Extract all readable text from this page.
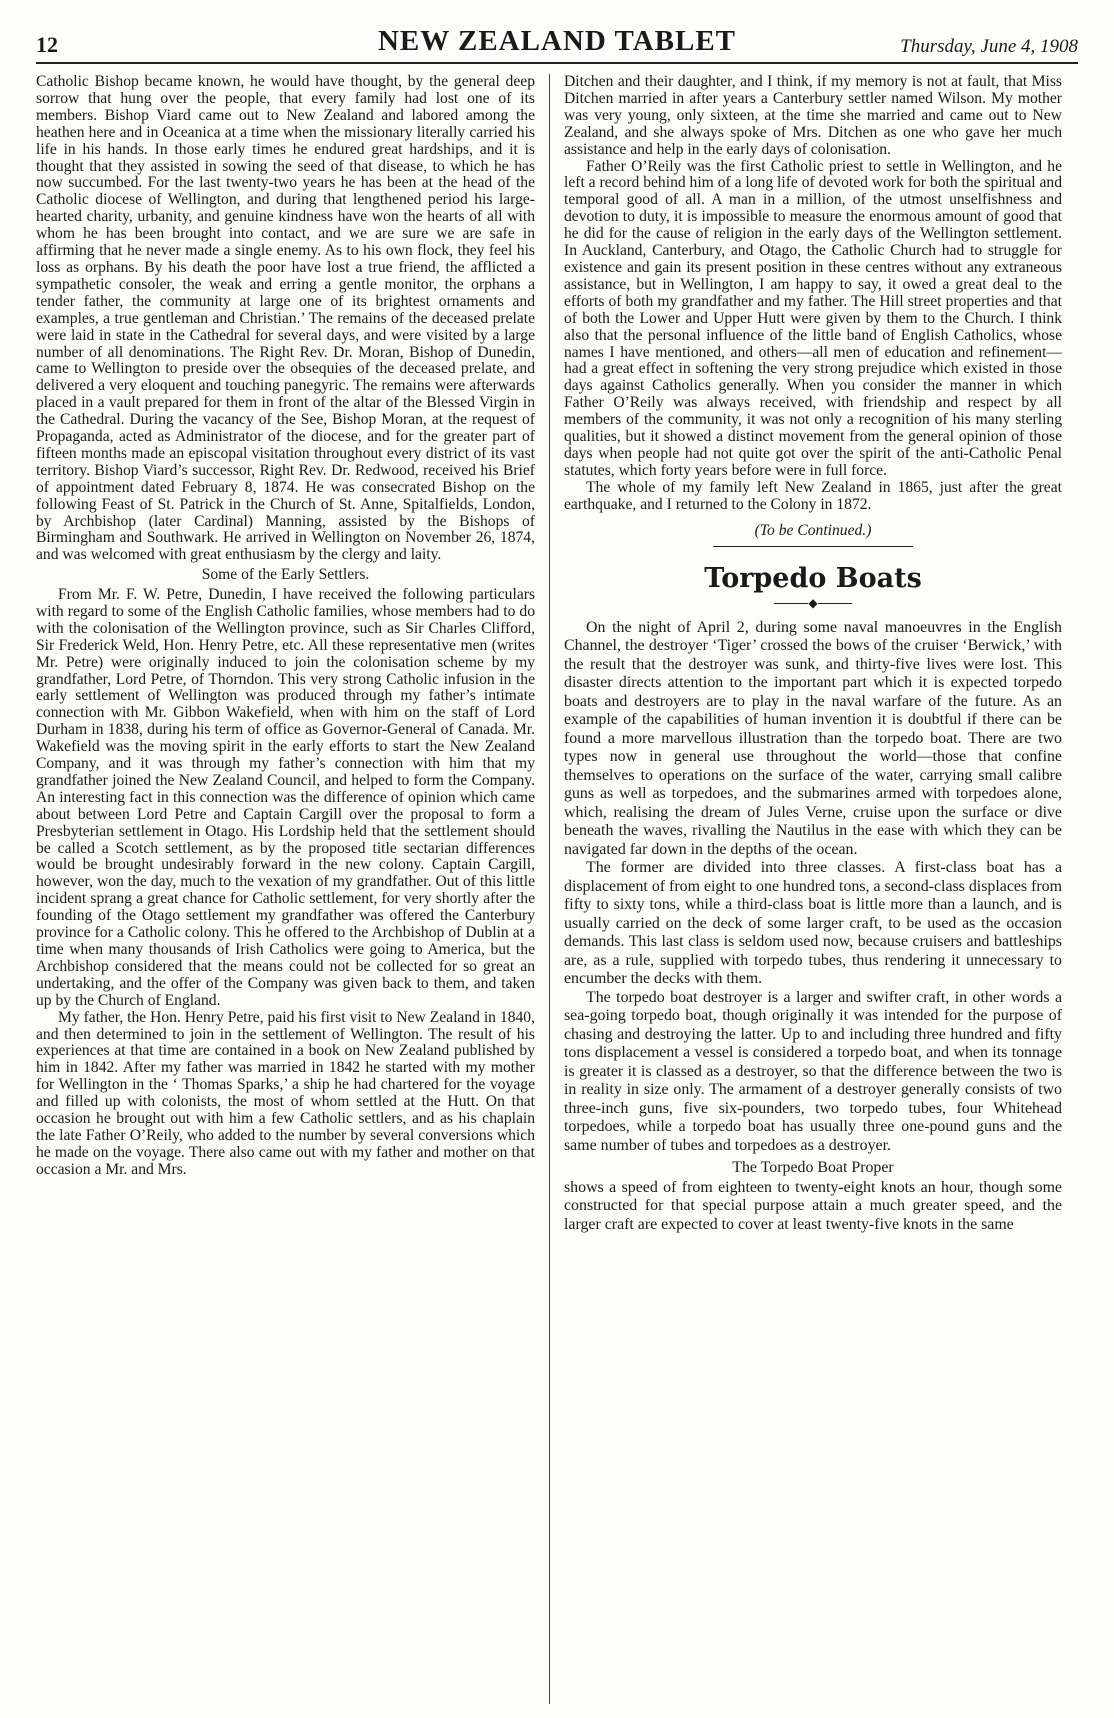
12	NEW ZEALAND TABLET	Thursday, June 4, 1908

Catholic Bishop became known, he would have thought, by the general deep sorrow that hung over the people, that every family had lost one of its members. Bishop Viard came out to New Zealand and labored among the heathen here and in Oceanica at a time when the missionary literally carried his life in his hands. In those early times he endured great hardships, and it is thought that they assisted in sowing the seed of that disease, to which he has now succumbed. For the last twenty-two years he has been at the head of the Catholic diocese of Wellington, and during that lengthened period his large-hearted charity, urbanity, and genuine kindness have won the hearts of all with whom he has been brought into contact, and we are sure we are safe in affirming that he never made a single enemy. As to his own flock, they feel his loss as orphans. By his death the poor have lost a true friend, the afflicted a sympathetic consoler, the weak and erring a gentle monitor, the orphans a tender father, the community at large one of its brightest ornaments and examples, a true gentleman and Christian.’ The remains of the deceased prelate were laid in state in the Cathedral for several days, and were visited by a large number of all denominations. The Right Rev. Dr. Moran, Bishop of Dunedin, came to Wellington to preside over the obsequies of the deceased prelate, and delivered a very eloquent and touching panegyric. The remains were afterwards placed in a vault prepared for them in front of the altar of the Blessed Virgin in the Cathedral. During the vacancy of the See, Bishop Moran, at the request of Propaganda, acted as Administrator of the diocese, and for the greater part of fifteen months made an episcopal visitation throughout every district of its vast territory. Bishop Viard’s successor, Right Rev. Dr. Redwood, received his Brief of appointment dated February 8, 1874. He was consecrated Bishop on the following Feast of St. Patrick in the Church of St. Anne, Spitalfields, London, by Archbishop (later Cardinal) Manning, assisted by the Bishops of Birmingham and Southwark. He arrived in Wellington on November 26, 1874, and was welcomed with great enthusiasm by the clergy and laity.

Some of the Early Settlers.

From Mr. F. W. Petre, Dunedin, I have received the following particulars with regard to some of the English Catholic families, whose members had to do with the colonisation of the Wellington province, such as Sir Charles Clifford, Sir Frederick Weld, Hon. Henry Petre, etc. All these representative men (writes Mr. Petre) were originally induced to join the colonisation scheme by my grandfather, Lord Petre, of Thorndon. This very strong Catholic infusion in the early settlement of Wellington was produced through my father’s intimate connection with Mr. Gibbon Wakefield, when with him on the staff of Lord Durham in 1838, during his term of office as Governor-General of Canada. Mr. Wakefield was the moving spirit in the early efforts to start the New Zealand Company, and it was through my father’s connection with him that my grandfather joined the New Zealand Council, and helped to form the Company. An interesting fact in this connection was the difference of opinion which came about between Lord Petre and Captain Cargill over the proposal to form a Presbyterian settlement in Otago. His Lordship held that the settlement should be called a Scotch settlement, as by the proposed title sectarian differences would be brought undesirably forward in the new colony. Captain Cargill, however, won the day, much to the vexation of my grandfather. Out of this little incident sprang a great chance for Catholic settlement, for very shortly after the founding of the Otago settlement my grandfather was offered the Canterbury province for a Catholic colony. This he offered to the Archbishop of Dublin at a time when many thousands of Irish Catholics were going to America, but the Archbishop considered that the means could not be collected for so great an undertaking, and the offer of the Company was given back to them, and taken up by the Church of England.

My father, the Hon. Henry Petre, paid his first visit to New Zealand in 1840, and then determined to join in the settlement of Wellington. The result of his experiences at that time are contained in a book on New Zealand published by him in 1842. After my father was married in 1842 he started with my mother for Wellington in the ‘ Thomas Sparks,’ a ship he had chartered for the voyage and filled up with colonists, the most of whom settled at the Hutt. On that occasion he brought out with him a few Catholic settlers, and as his chaplain the late Father O’Reily, who added to the number by several conversions which he made on the voyage. There also came out with my father and mother on that occasion a Mr. and Mrs.

Ditchen and their daughter, and I think, if my memory is not at fault, that Miss Ditchen married in after years a Canterbury settler named Wilson. My mother was very young, only sixteen, at the time she married and came out to New Zealand, and she always spoke of Mrs. Ditchen as one who gave her much assistance and help in the early days of colonisation.

Father O’Reily was the first Catholic priest to settle in Wellington, and he left a record behind him of a long life of devoted work for both the spiritual and temporal good of all. A man in a million, of the utmost unselfishness and devotion to duty, it is impossible to measure the enormous amount of good that he did for the cause of religion in the early days of the Wellington settlement. In Auckland, Canterbury, and Otago, the Catholic Church had to struggle for existence and gain its present position in these centres without any extraneous assistance, but in Wellington, I am happy to say, it owed a great deal to the efforts of both my grandfather and my father. The Hill street properties and that of both the Lower and Upper Hutt were given by them to the Church. I think also that the personal influence of the little band of English Catholics, whose names I have mentioned, and others—all men of education and refinement—had a great effect in softening the very strong prejudice which existed in those days against Catholics generally. When you consider the manner in which Father O’Reily was always received, with friendship and respect by all members of the community, it was not only a recognition of his many sterling qualities, but it showed a distinct movement from the general opinion of those days when people had not quite got over the spirit of the anti-Catholic Penal statutes, which forty years before were in full force.

The whole of my family left New Zealand in 1865, just after the great earthquake, and I returned to the Colony in 1872.

(To be Continued.)
Torpedo Boats
◆

On the night of April 2, during some naval manoeuvres in the English Channel, the destroyer ‘Tiger’ crossed the bows of the cruiser ‘Berwick,’ with the result that the destroyer was sunk, and thirty-five lives were lost. This disaster directs attention to the important part which it is expected torpedo boats and destroyers are to play in the naval warfare of the future. As an example of the capabilities of human invention it is doubtful if there can be found a more marvellous illustration than the torpedo boat. There are two types now in general use throughout the world—those that confine themselves to operations on the surface of the water, carrying small calibre guns as well as torpedoes, and the submarines armed with torpedoes alone, which, realising the dream of Jules Verne, cruise upon the surface or dive beneath the waves, rivalling the Nautilus in the ease with which they can be navigated far down in the depths of the ocean.

The former are divided into three classes. A first-class boat has a displacement of from eight to one hundred tons, a second-class displaces from fifty to sixty tons, while a third-class boat is little more than a launch, and is usually carried on the deck of some larger craft, to be used as the occasion demands. This last class is seldom used now, because cruisers and battleships are, as a rule, supplied with torpedo tubes, thus rendering it unnecessary to encumber the decks with them.

The torpedo boat destroyer is a larger and swifter craft, in other words a sea-going torpedo boat, though originally it was intended for the purpose of chasing and destroying the latter. Up to and including three hundred and fifty tons displacement a vessel is considered a torpedo boat, and when its tonnage is greater it is classed as a destroyer, so that the difference between the two is in reality in size only. The armament of a destroyer generally consists of two three-inch guns, five six-pounders, two torpedo tubes, four Whitehead torpedoes, while a torpedo boat has usually three one-pound guns and the same number of tubes and torpedoes as a destroyer.

The Torpedo Boat Proper

shows a speed of from eighteen to twenty-eight knots an hour, though some constructed for that special purpose attain a much greater speed, and the larger craft are expected to cover at least twenty-five knots in the same
